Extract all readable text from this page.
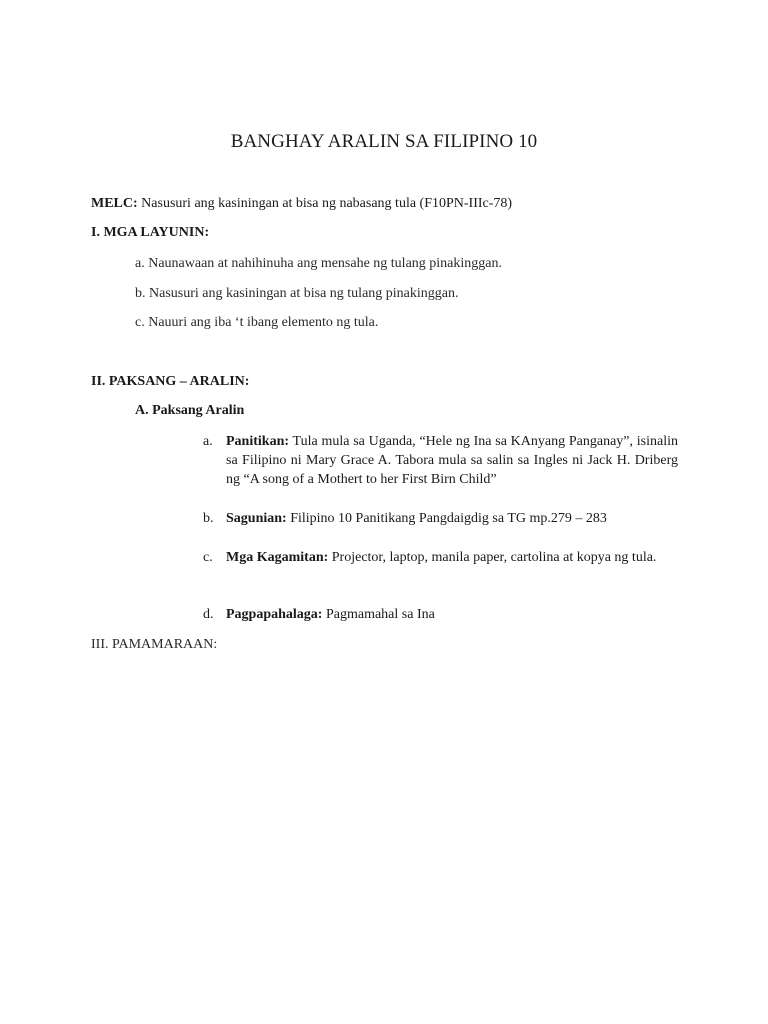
BANGHAY ARALIN SA FILIPINO 10
MELC: Nasusuri ang kasiningan at bisa ng nabasang tula (F10PN-IIIc-78)
I. MGA LAYUNIN:
a. Naunawaan at nahihinuha ang mensahe ng tulang pinakinggan.
b. Nasusuri ang kasiningan at bisa ng tulang pinakinggan.
c. Nauuri ang iba ‘t ibang elemento ng tula.
II. PAKSANG – ARALIN:
A. Paksang Aralin
a. Panitikan: Tula mula sa Uganda, “Hele ng Ina sa KAnyang Panganay”, isinalin sa Filipino ni Mary Grace A. Tabora mula sa salin sa Ingles ni Jack H. Driberg ng “A song of a Mothert to her First Birn Child”
b. Sagunian: Filipino 10 Panitikang Pangdaigdig sa TG mp.279 – 283
c. Mga Kagamitan: Projector, laptop, manila paper, cartolina at kopya ng tula.
d. Pagpapahalaga: Pagmamahal sa Ina
III. PAMAMARAAN:
